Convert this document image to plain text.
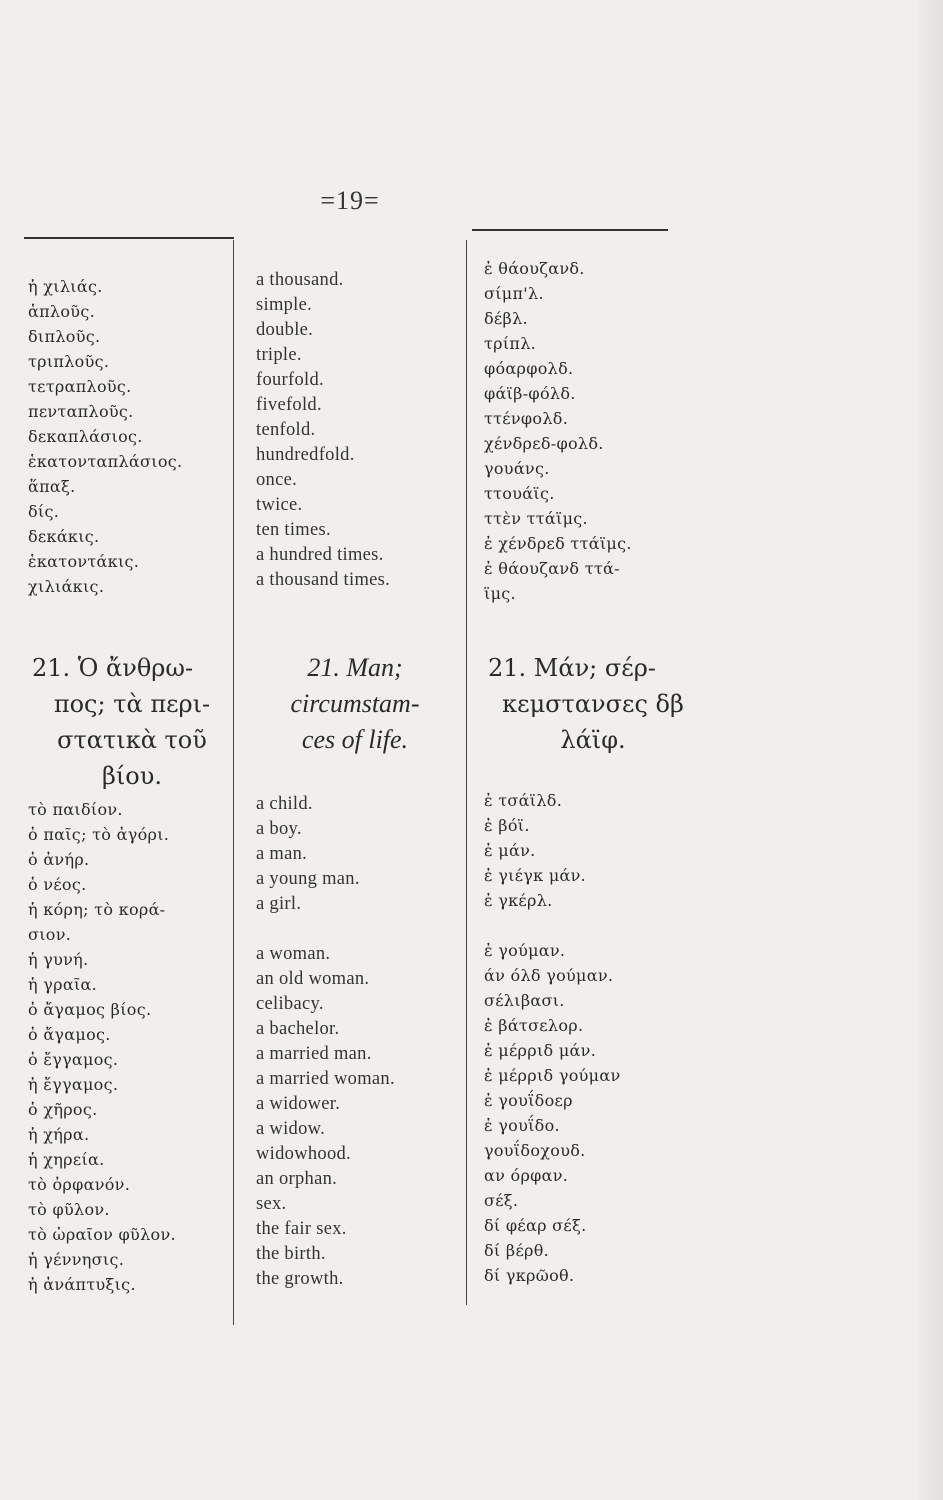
=19=
ἡ χιλιάς.
ἁπλοῦς.
διπλοῦς.
τριπλοῦς.
τετραπλοῦς.
πενταπλοῦς.
δεκαπλάσιος.
ἑκατονταπλάσιος.
ἅπαξ.
δίς.
δεκάκις.
ἑκατοντάκις.
χιλιάκις.
a thousand.
simple.
double.
triple.
fourfold.
fivefold.
tenfold.
hundredfold.
once.
twice.
ten times.
a hundred times.
a thousand times.
ἐ θάουζανδ.
σίμπ'λ.
δέβλ.
τρίπλ.
φόαρφολδ.
φάϊβ-φόλδ.
ττένφολδ.
χένδρεδ-φολδ.
γουάνς.
ττουάϊς.
ττὲν ττάϊμς.
ἐ χένδρεδ ττάϊμς.
ἐ θάουζανδ ττά-
ϊμς.
21. Ὁ ἄνθρω-
πος; τὰ περι-
στατικὰ τοῦ
βίου.
21. Man;
circumstam-
ces of life.
21. Μάν; σέρ-
κεμστανσες δβ
λάϊφ.
τὸ παιδίον.
ὁ παῖς; τὸ ἀγόρι.
ὁ ἀνήρ.
ὁ νέος.
ἡ κόρη; τὸ κορά-
σιον.
ἡ γυνή.
ἡ γραῖα.
ὁ ἄγαμος βίος.
ὁ ἄγαμος.
ὁ ἔγγαμος.
ἡ ἔγγαμος.
ὁ χῆρος.
ἡ χήρα.
ἡ χηρεία.
τὸ ὀρφανόν.
τὸ φῦλον.
τὸ ὡραῖον φῦλον.
ἡ γέννησις.
ἡ ἀνάπτυξις.
a child.
a boy.
a man.
a young man.
a girl.
a woman.
an old woman.
celibacy.
a bachelor.
a married man.
a married woman.
a widower.
a widow.
widowhood.
an orphan.
sex.
the fair sex.
the birth.
the growth.
ἐ τσάϊλδ.
ἐ βόϊ.
ἐ μάν.
ἐ γιέγκ μάν.
ἐ γκέρλ.
ἐ γούμαν.
άν όλδ γούμαν.
σέλιβασι.
ἐ βάτσελορ.
ἐ μέρριδ μάν.
ἐ μέρριδ γούμαν
ἐ γουΐδοερ
ἐ γουΐδο.
γουΐδοχουδ.
αν όρφαν.
σέξ.
δί φέαρ σέξ.
δί βέρθ.
δί γκρῶοθ.
